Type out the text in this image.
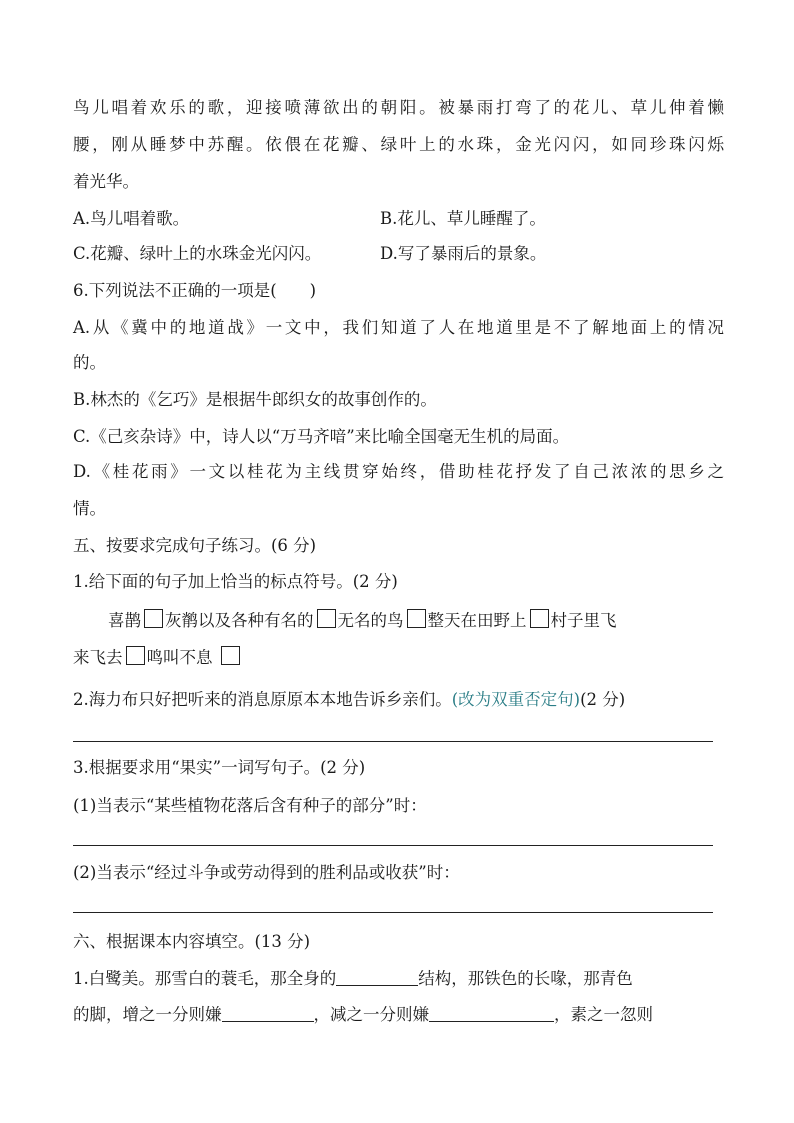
鸟儿唱着欢乐的歌，迎接喷薄欲出的朝阳。被暴雨打弯了的花儿、草儿伸着懒
腰，刚从睡梦中苏醒。依偎在花瓣、绿叶上的水珠，金光闪闪，如同珍珠闪烁
着光华。
A.鸟儿唱着歌。	B.花儿、草儿睡醒了。
C.花瓣、绿叶上的水珠金光闪闪。	D.写了暴雨后的景象。
6.下列说法不正确的一项是(　　)
A.从《冀中的地道战》一文中，我们知道了人在地道里是不了解地面上的情况
的。
B.林杰的《乞巧》是根据牛郎织女的故事创作的。
C.《己亥杂诗》中，诗人以“万马齐喑”来比喻全国毫无生机的局面。
D.《桂花雨》一文以桂花为主线贯穿始终，借助桂花抒发了自己浓浓的思乡之
情。
五、按要求完成句子练习。(6 分)
1.给下面的句子加上恰当的标点符号。(2 分)
喜鹊 灰鹡以及各种有名的 无名的鸟 整天在田野上 村子里飞
来飞去 鸣叫不息
2.海力布只好把听来的消息原原本本地告诉乡亲们。(改为双重否定句)(2 分)
3.根据要求用“果实”一词写句子。(2 分)
(1)当表示“某些植物花落后含有种子的部分”时：
(2)当表示“经过斗争或劳动得到的胜利品或收获”时：
六、根据课本内容填空。(13 分)
1.白鹭美。那雪白的蓑毛，那全身的	结构，那铁色的长喙，那青色
的脚，增之一分则嫌	，减之一分则嫌	，素之一忽则
